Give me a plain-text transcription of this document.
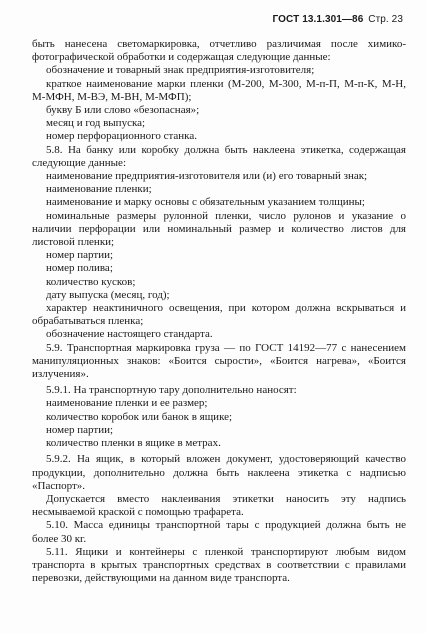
ГОСТ 13.1.301—86 Стр. 23

быть нанесена светомаркировка, отчетливо различимая после химико-фотографической обработки и содержащая следующие данные:

обозначение и товарный знак предприятия-изготовителя;

краткое наименование марки пленки (М-200, М-300, М-п-П, М-п-К, М-Н, М-МФН, М-ВЭ, М-ВН, М-МФП);

букву Б или слово «безопасная»;

месяц и год выпуска;

номер перфорационного станка.

5.8. На банку или коробку должна быть наклеена этикетка, содержащая следующие данные:

наименование предприятия-изготовителя или (и) его товарный знак;

наименование пленки;

наименование и марку основы с обязательным указанием толщины;

номинальные размеры рулонной пленки, число рулонов и указание о наличии перфорации или номинальный размер и количество листов для листовой пленки;

номер партии;

номер полива;

количество кусков;

дату выпуска (месяц, год);

характер неактиничного освещения, при котором должна вскрываться и обрабатываться пленка;

обозначение настоящего стандарта.

5.9. Транспортная маркировка груза — по ГОСТ 14192—77 с нанесением манипуляционных знаков: «Боится сырости», «Боится нагрева», «Боится излучения».

5.9.1. На транспортную тару дополнительно наносят:

наименование пленки и ее размер;

количество коробок или банок в ящике;

номер партии;

количество пленки в ящике в метрах.

5.9.2. На ящик, в который вложен документ, удостоверяющий качество продукции, дополнительно должна быть наклеена этикетка с надписью «Паспорт».

Допускается вместо наклеивания этикетки наносить эту надпись несмываемой краской с помощью трафарета.

5.10. Масса единицы транспортной тары с продукцией должна быть не более 30 кг.

5.11. Ящики и контейнеры с пленкой транспортируют любым видом транспорта в крытых транспортных средствах в соответствии с правилами перевозки, действующими на данном виде транспорта.
